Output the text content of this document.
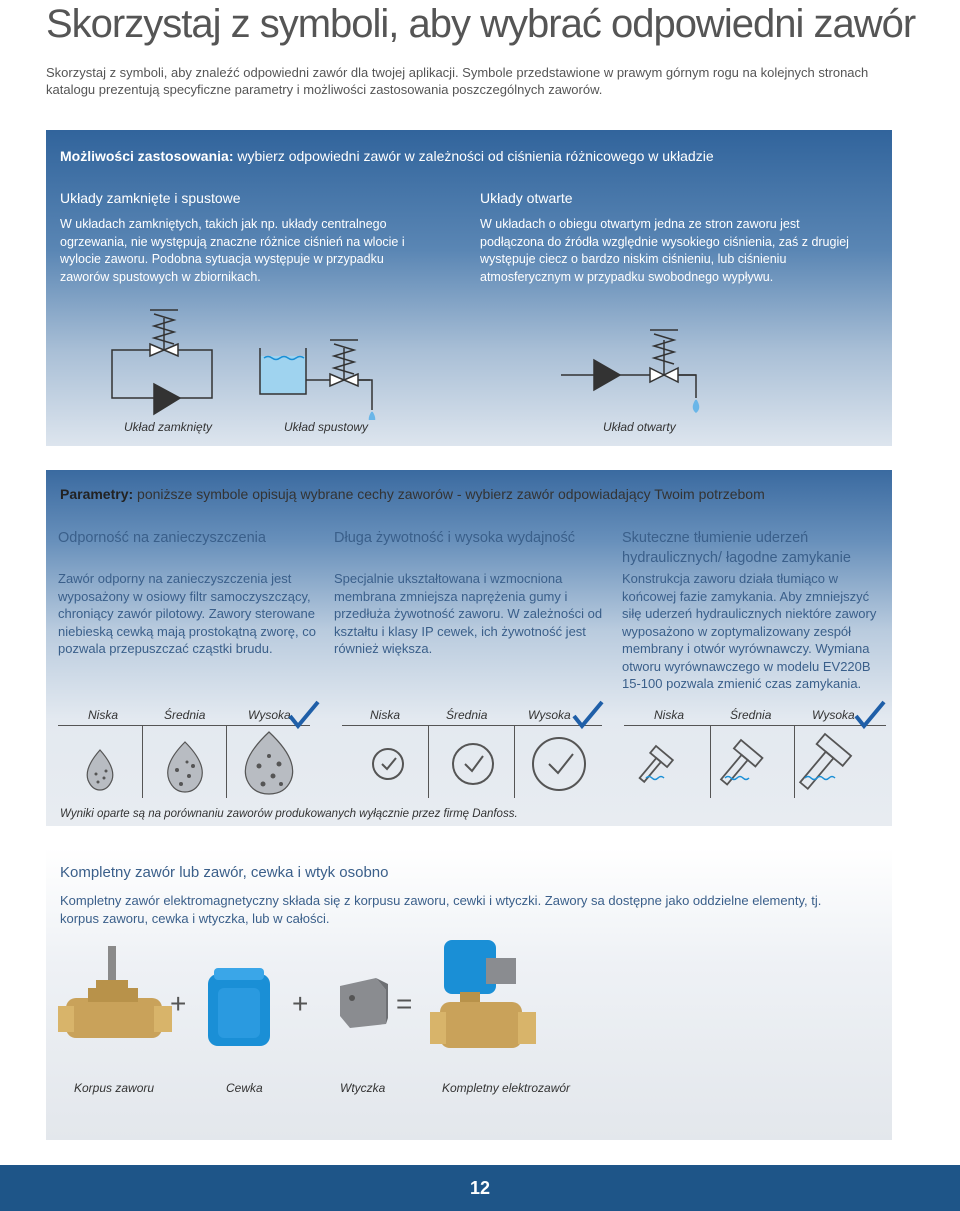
Skorzystaj z symboli, aby wybrać odpowiedni zawór
Skorzystaj z symboli, aby znaleźć odpowiedni zawór dla twojej aplikacji. Symbole przedstawione w prawym górnym rogu na kolejnych stronach katalogu prezentują specyficzne parametry i możliwości zastosowania poszczególnych zaworów.
Możliwości zastosowania: wybierz odpowiedni zawór w zależności od ciśnienia różnicowego w układzie
Układy zamknięte i spustowe
W układach zamkniętych, takich jak np. układy centralnego ogrzewania, nie występują znaczne różnice ciśnień na wlocie i wylocie zaworu. Podobna sytuacja występuje w przypadku zaworów spustowych w zbiornikach.
Układy otwarte
W układach o obiegu otwartym jedna ze stron zaworu jest podłączona do źródła względnie wysokiego ciśnienia, zaś z drugiej występuje ciecz o bardzo niskim ciśnieniu, lub ciśnieniu atmosferycznym w przypadku swobodnego wypływu.
Układ zamknięty	Układ spustowy	Układ otwarty
Parametry: poniższe symbole opisują wybrane cechy zaworów - wybierz zawór odpowiadający Twoim potrzebom
Odporność na zanieczyszczenia
Zawór odporny na zanieczyszczenia jest wyposażony w osiowy filtr samoczyszczący, chroniący zawór pilotowy. Zawory sterowane niebieską cewką mają prostokątną zworę, co pozwala przepuszczać cząstki brudu.
Długa żywotność i wysoka wydajność
Specjalnie ukształtowana i wzmocniona membrana zmniejsza naprężenia gumy i przedłuża żywotność zaworu. W zależności od kształtu i klasy IP cewek, ich żywotność jest również większa.
Skuteczne tłumienie uderzeń hydraulicznych/ łagodne zamykanie
Konstrukcja zaworu działa tłumiąco w końcowej fazie zamykania. Aby zmniejszyć siłę uderzeń hydraulicznych niektóre zawory wyposażono w zoptymalizowany zespół membrany i otwór wyrównawczy. Wymiana otworu wyrównawczego w modelu EV220B 15-100 pozwala zmienić czas zamykania.
Niska	Średnia	Wysoka	Niska	Średnia	Wysoka	Niska	Średnia	Wysoka
Wyniki oparte są na porównaniu zaworów produkowanych wyłącznie przez firmę Danfoss.
Kompletny zawór lub zawór, cewka i wtyk osobno
Kompletny zawór elektromagnetyczny składa się z korpusu zaworu, cewki i wtyczki. Zawory sa dostępne jako oddzielne elementy, tj. korpus zaworu, cewka i wtyczka, lub w całości.
+	+	=
Korpus zaworu	Cewka	Wtyczka	Kompletny elektrozawór
12
